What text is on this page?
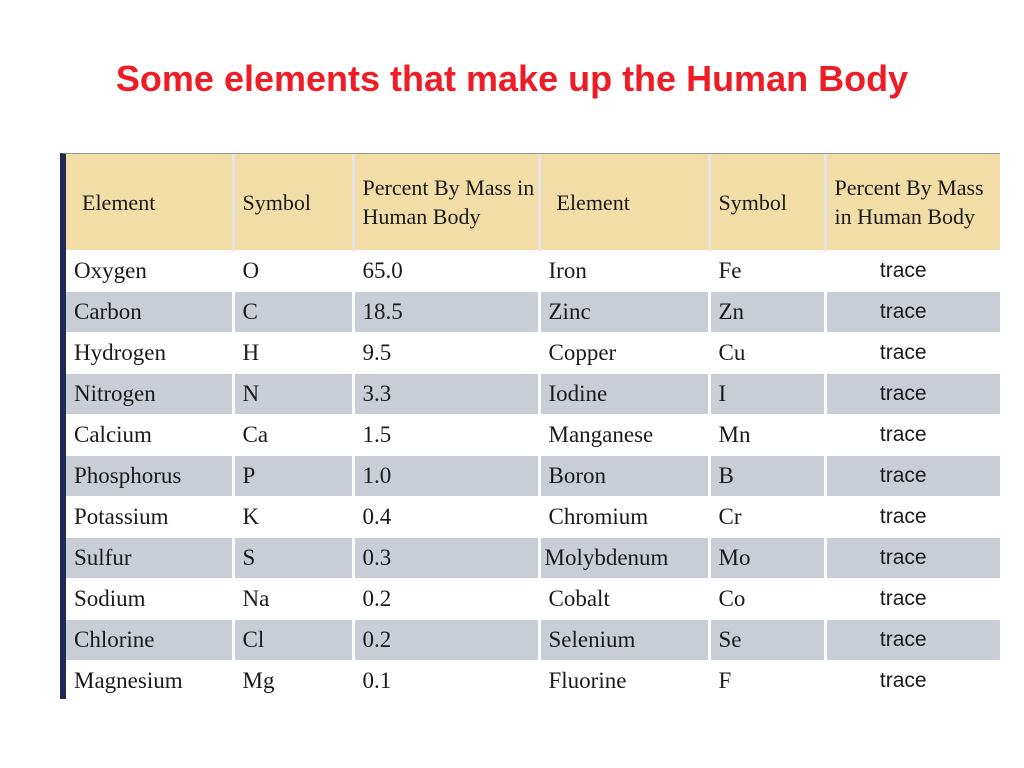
Some elements that make up the Human Body
Element	Symbol	Percent By Mass in Human Body	Element	Symbol	Percent By Mass in Human Body
Oxygen	O	65.0	Iron	Fe	trace
Carbon	C	18.5	Zinc	Zn	trace
Hydrogen	H	9.5	Copper	Cu	trace
Nitrogen	N	3.3	Iodine	I	trace
Calcium	Ca	1.5	Manganese	Mn	trace
Phosphorus	P	1.0	Boron	B	trace
Potassium	K	0.4	Chromium	Cr	trace
Sulfur	S	0.3	Molybdenum	Mo	trace
Sodium	Na	0.2	Cobalt	Co	trace
Chlorine	Cl	0.2	Selenium	Se	trace
Magnesium	Mg	0.1	Fluorine	F	trace
